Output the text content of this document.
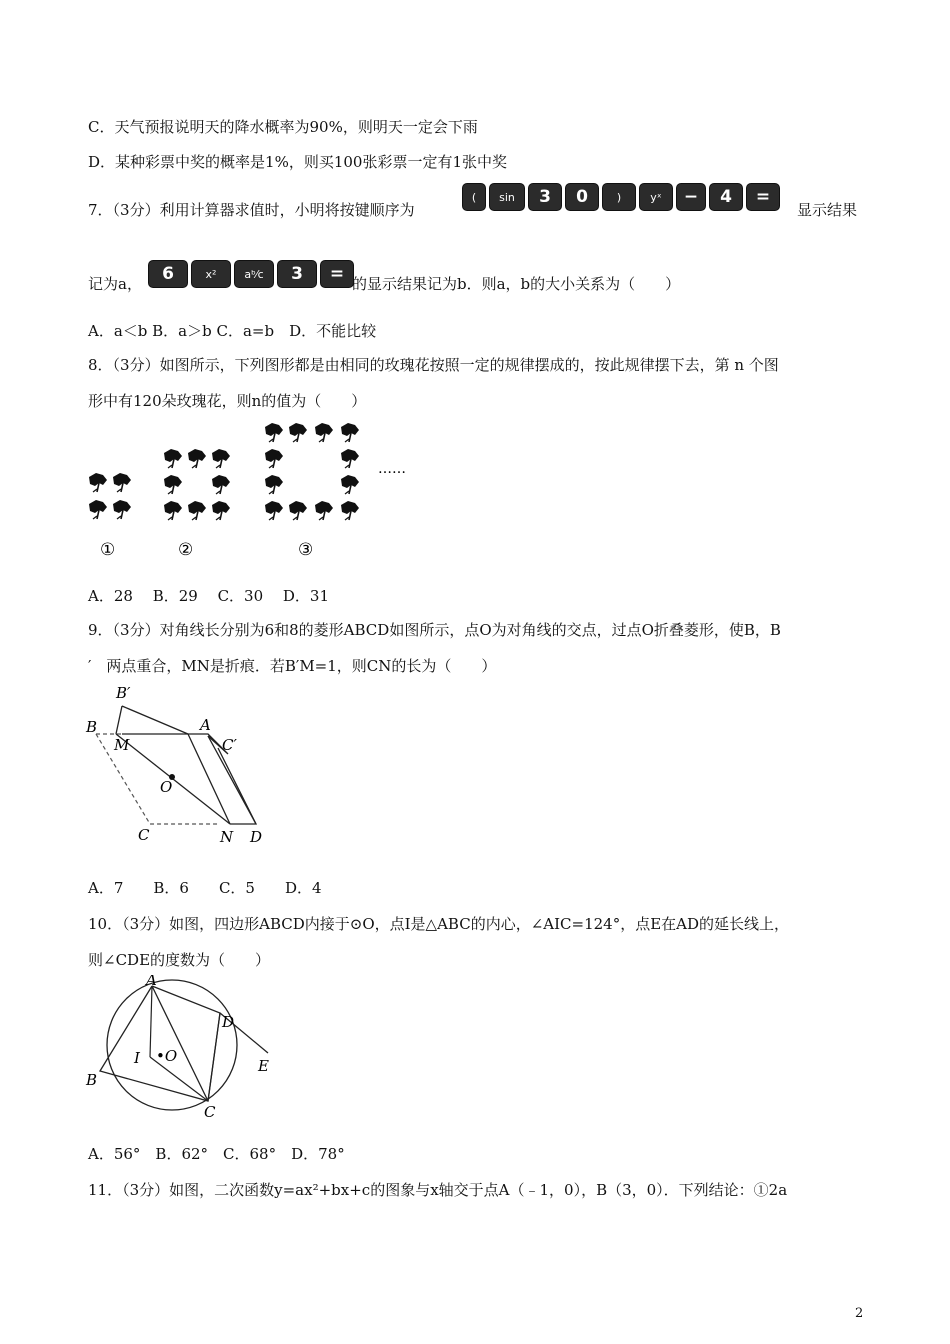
C．天气预报说明天的降水概率为90%，则明天一定会下雨
D．某种彩票中奖的概率是1%，则买100张彩票一定有1张中奖
7．（3分）利用计算器求值时，小明将按键顺序为
(	sin	3	0	)	yˣ	−	4	=
显示结果
记为a，	6	x²	aᵇ⁄c	3	= 的显示结果记为b．则a，b的大小关系为（　　）
A．a＜b B．a＞b C．a=b　D．不能比较
8．（3分）如图所示，下列图形都是由相同的玫瑰花按照一定的规律摆成的，按此规律摆下去，第 n 个图
形中有120朵玫瑰花，则n的值为（　　）
……
①	②	③
A．28　 B．29　 C．30　 D．31
9．（3分）对角线长分别为6和8的菱形ABCD如图所示，点O为对角线的交点，过点O折叠菱形，使B，B
′　两点重合，MN是折痕．若B′M=1，则CN的长为（　　）
B′
B	A
M	C′
O
C	N D
A．7　　B．6　　C．5　　D．4
10．（3分）如图，四边形ABCD内接于⊙O，点I是△ABC的内心，∠AIC=124°，点E在AD的延长线上，
则∠CDE的度数为（　　）
A
D
I •O
B
E
C
A．56°　B．62°　C．68°　D．78°
11．（3分）如图，二次函数y=ax²+bx+c的图象与x轴交于点A（﹣1，0），B（3，0）．下列结论：①2a
2
